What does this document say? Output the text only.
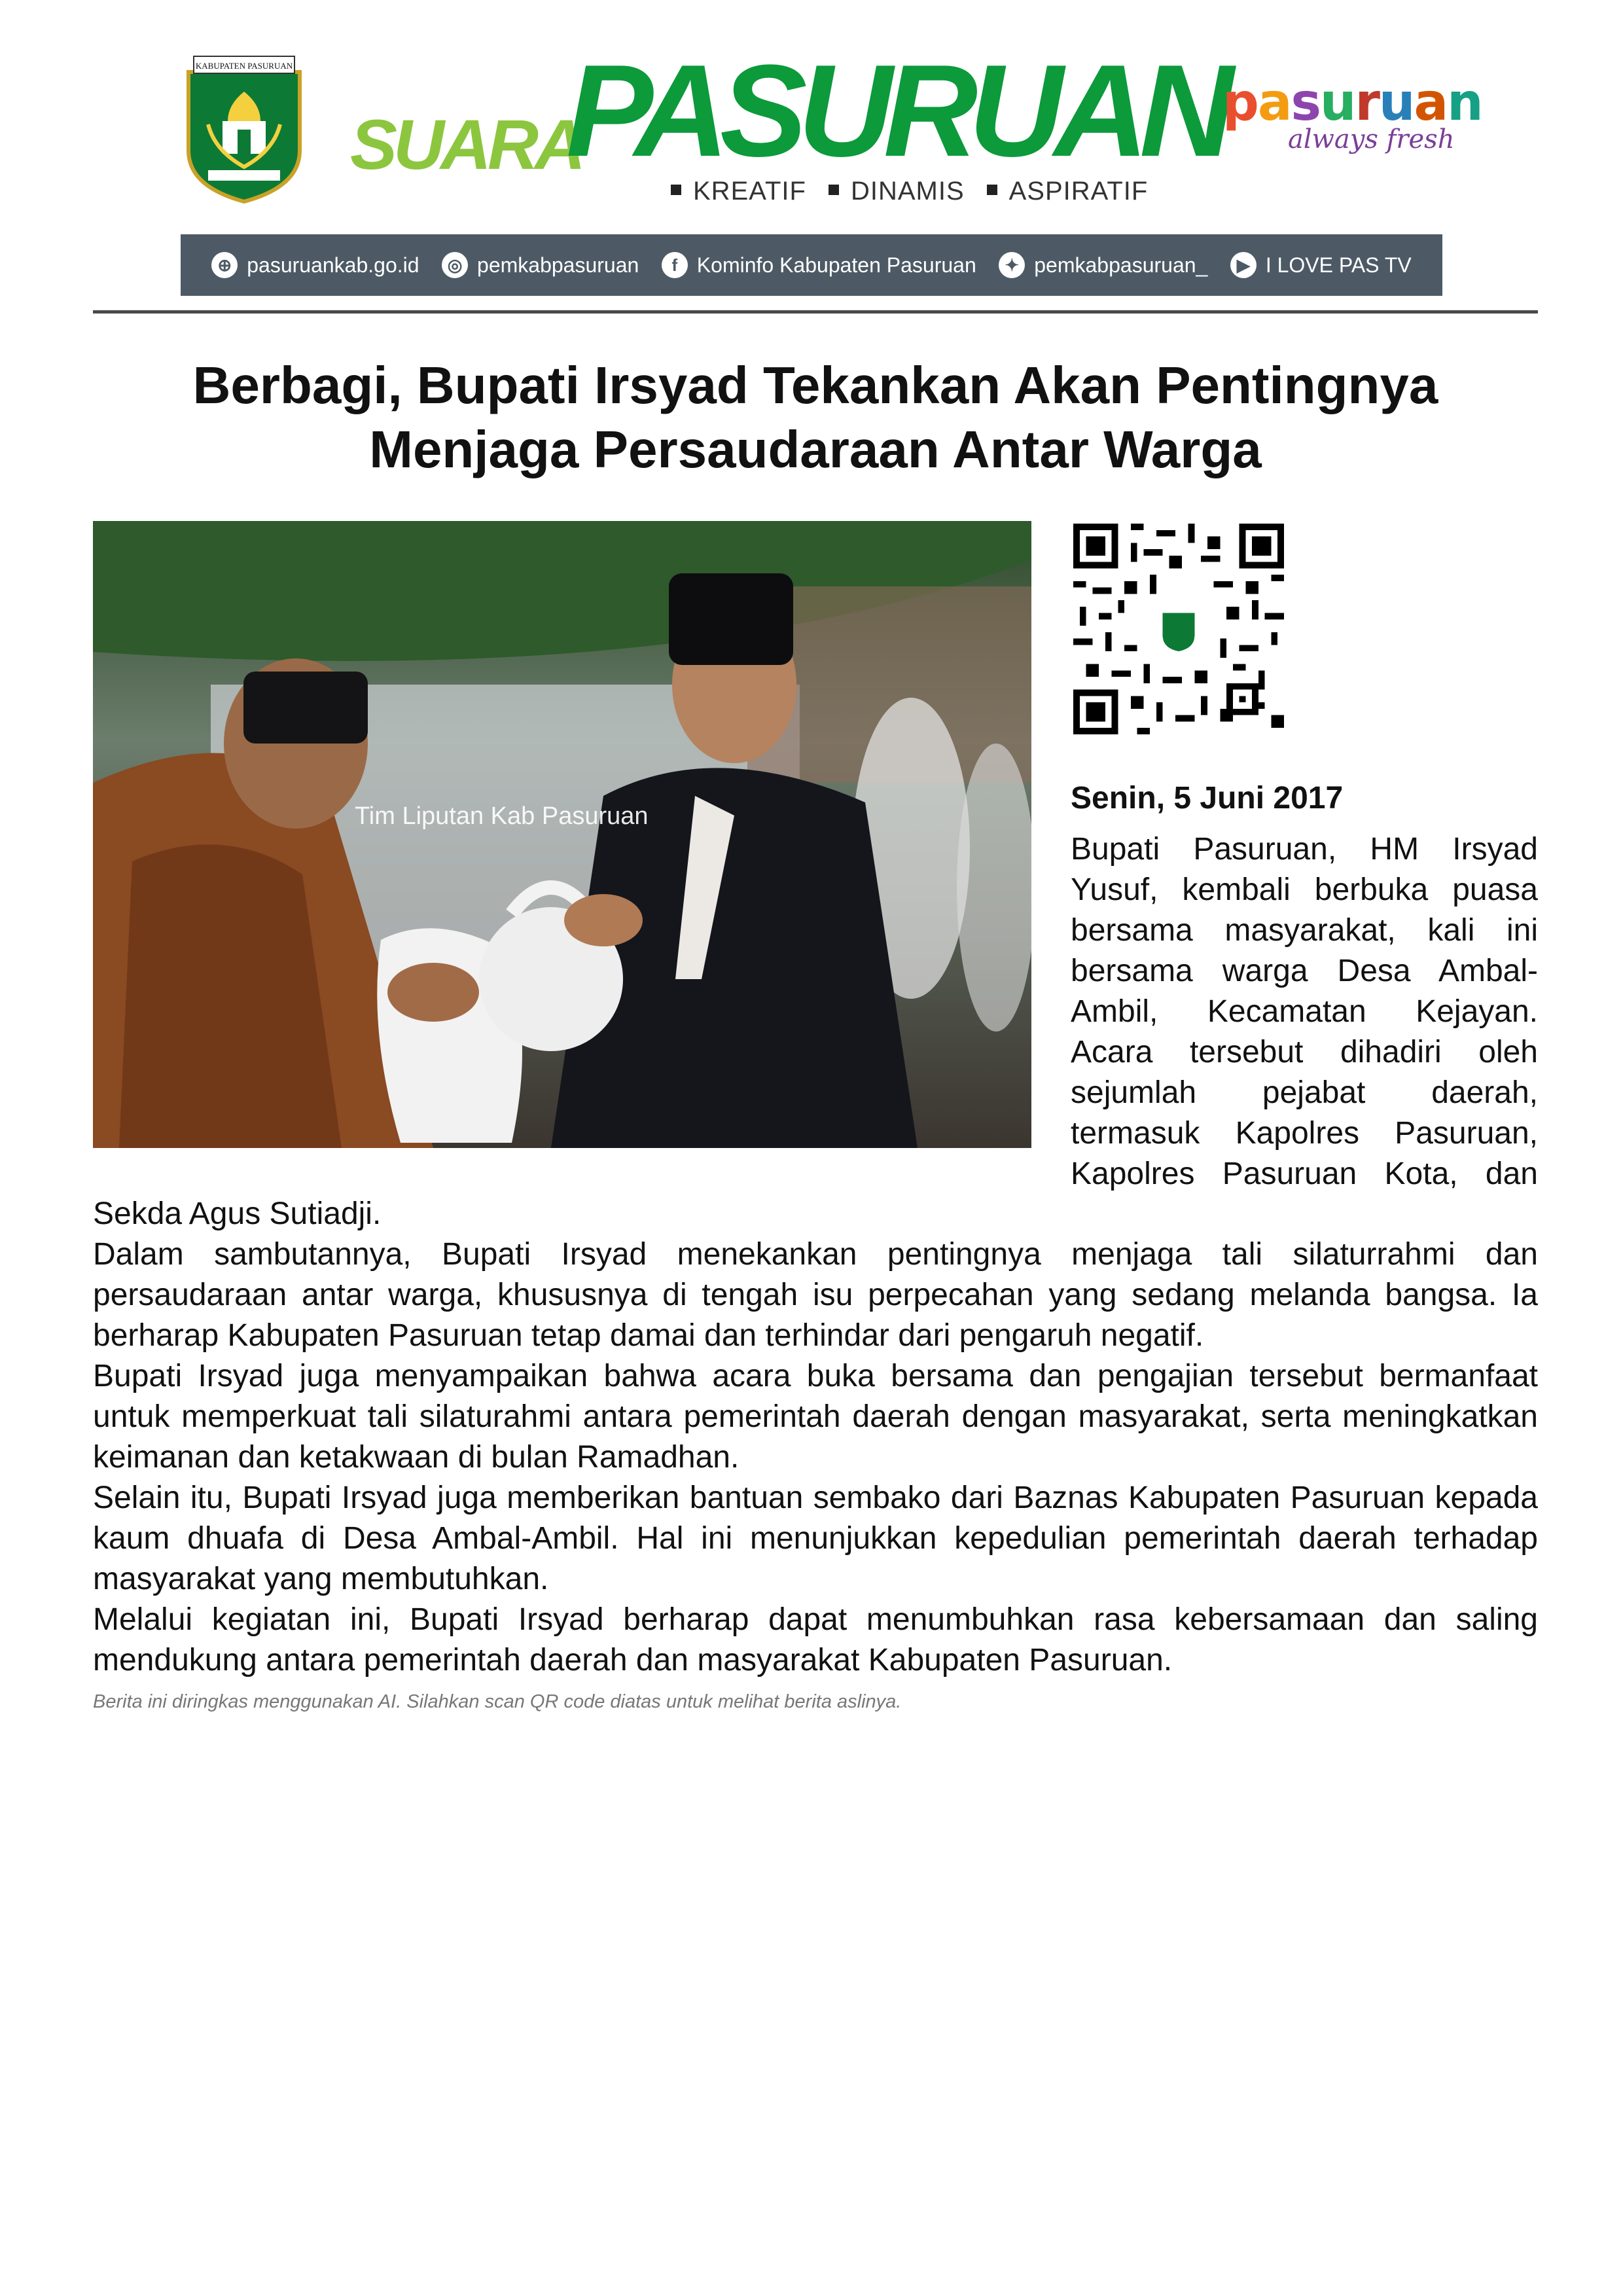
KABUPATEN PASURUAN
SUARA
PASURUAN
KREATIF	DINAMIS	ASPIRATIF
pasuruan
always fresh
⊕ pasuruankab.go.id	◎ pemkabpasuruan	f Kominfo Kabupaten Pasuruan	✦ pemkabpasuruan_	▶ I LOVE PAS TV
Berbagi, Bupati Irsyad Tekankan Akan Pentingnya
Menjaga Persaudaraan Antar Warga
Tim Liputan Kab Pasuruan
Senin, 5 Juni 2017

Bupati Pasuruan, HM Irsyad Yusuf, kembali berbuka puasa bersama masyarakat, kali ini bersama warga Desa Ambal-Ambil, Kecamatan Kejayan. Acara tersebut dihadiri oleh sejumlah pejabat daerah, termasuk Kapolres Pasuruan, Kapolres Pasuruan Kota, dan

Sekda Agus Sutiadji.

Dalam sambutannya, Bupati Irsyad menekankan pentingnya menjaga tali silaturrahmi dan persaudaraan antar warga, khususnya di tengah isu perpecahan yang sedang melanda bangsa. Ia berharap Kabupaten Pasuruan tetap damai dan terhindar dari pengaruh negatif.

Bupati Irsyad juga menyampaikan bahwa acara buka bersama dan pengajian tersebut bermanfaat untuk memperkuat tali silaturahmi antara pemerintah daerah dengan masyarakat, serta meningkatkan keimanan dan ketakwaan di bulan Ramadhan.

Selain itu, Bupati Irsyad juga memberikan bantuan sembako dari Baznas Kabupaten Pasuruan kepada kaum dhuafa di Desa Ambal-Ambil. Hal ini menunjukkan kepedulian pemerintah daerah terhadap masyarakat yang membutuhkan.

Melalui kegiatan ini, Bupati Irsyad berharap dapat menumbuhkan rasa kebersamaan dan saling mendukung antara pemerintah daerah dan masyarakat Kabupaten Pasuruan.

Berita ini diringkas menggunakan AI. Silahkan scan QR code diatas untuk melihat berita aslinya.
